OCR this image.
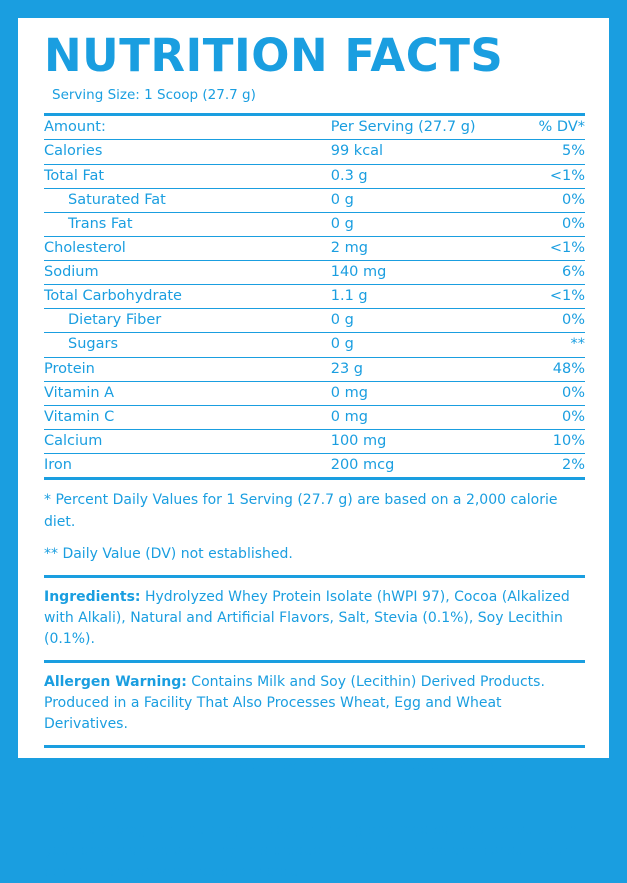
NUTRITION FACTS
Serving Size: 1 Scoop (27.7 g)
Amount:	Per Serving (27.7 g)	% DV*
Calories	99 kcal	5%
Total Fat	0.3 g	<1%
Saturated Fat	0 g	0%
Trans Fat	0 g	0%
Cholesterol	2 mg	<1%
Sodium	140 mg	6%
Total Carbohydrate	1.1 g	<1%
Dietary Fiber	0 g	0%
Sugars	0 g	**
Protein	23 g	48%
Vitamin A	0 mg	0%
Vitamin C	0 mg	0%
Calcium	100 mg	10%
Iron	200 mcg	2%

* Percent Daily Values for 1 Serving (27.7 g) are based on a 2,000 calorie diet.

** Daily Value (DV) not established.

Ingredients: Hydrolyzed Whey Protein Isolate (hWPI 97), Cocoa (Alkalized with Alkali), Natural and Artificial Flavors, Salt, Stevia (0.1%), Soy Lecithin (0.1%).

Allergen Warning: Contains Milk and Soy (Lecithin) Derived Products. Produced in a Facility That Also Processes Wheat, Egg and Wheat Derivatives.

Manufactured in HACCP certified and cGMP inspected facility.

WARNING:

If you are pregnant, nursing a baby, or taking any medications, consult with your physician before using this product. Discontinue use and consult your doctor if any adverse reactions occur.
